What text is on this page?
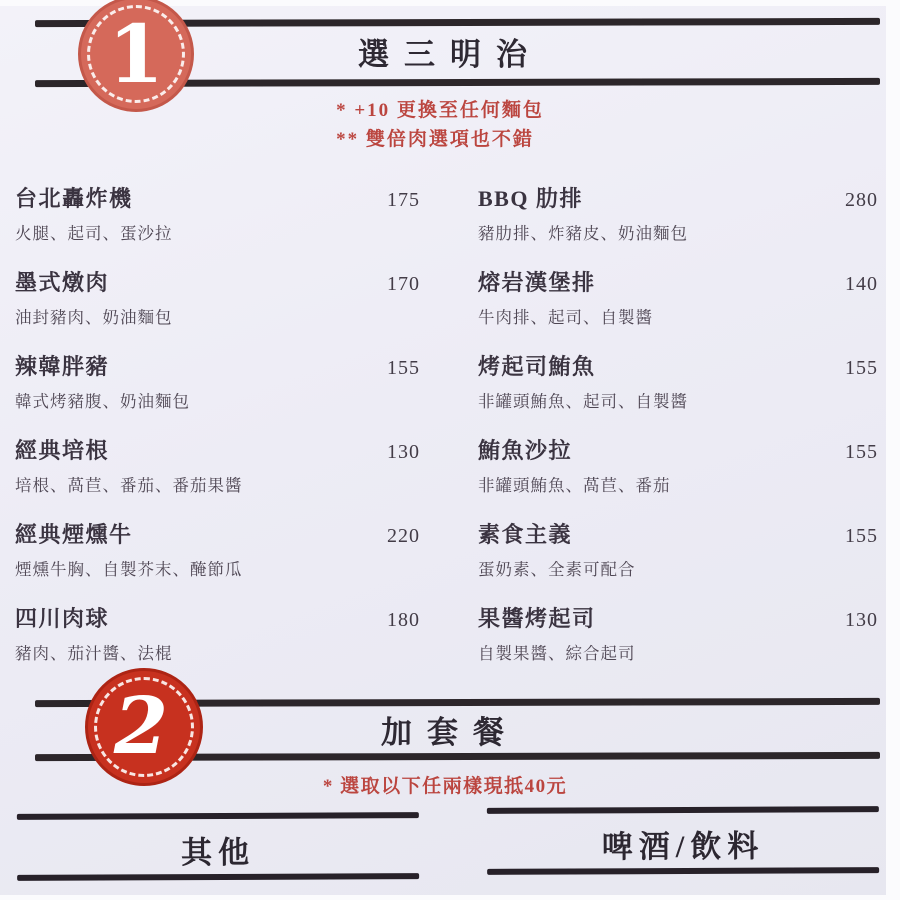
選三明治
1
* +10 更換至任何麵包
** 雙倍肉選項也不錯
台北轟炸機	175
火腿、起司、蛋沙拉
墨式燉肉	170
油封豬肉、奶油麵包
辣韓胖豬	155
韓式烤豬腹、奶油麵包
經典培根	130
培根、萵苣、番茄、番茄果醬
經典煙燻牛	220
煙燻牛胸、自製芥末、醃節瓜
四川肉球	180
豬肉、茄汁醬、法棍
BBQ 肋排	280
豬肋排、炸豬皮、奶油麵包
熔岩漢堡排	140
牛肉排、起司、自製醬
烤起司鮪魚	155
非罐頭鮪魚、起司、自製醬
鮪魚沙拉	155
非罐頭鮪魚、萵苣、番茄
素食主義	155
蛋奶素、全素可配合
果醬烤起司	130
自製果醬、綜合起司
加套餐
2
* 選取以下任兩樣現抵40元
其他	啤酒/飲料
